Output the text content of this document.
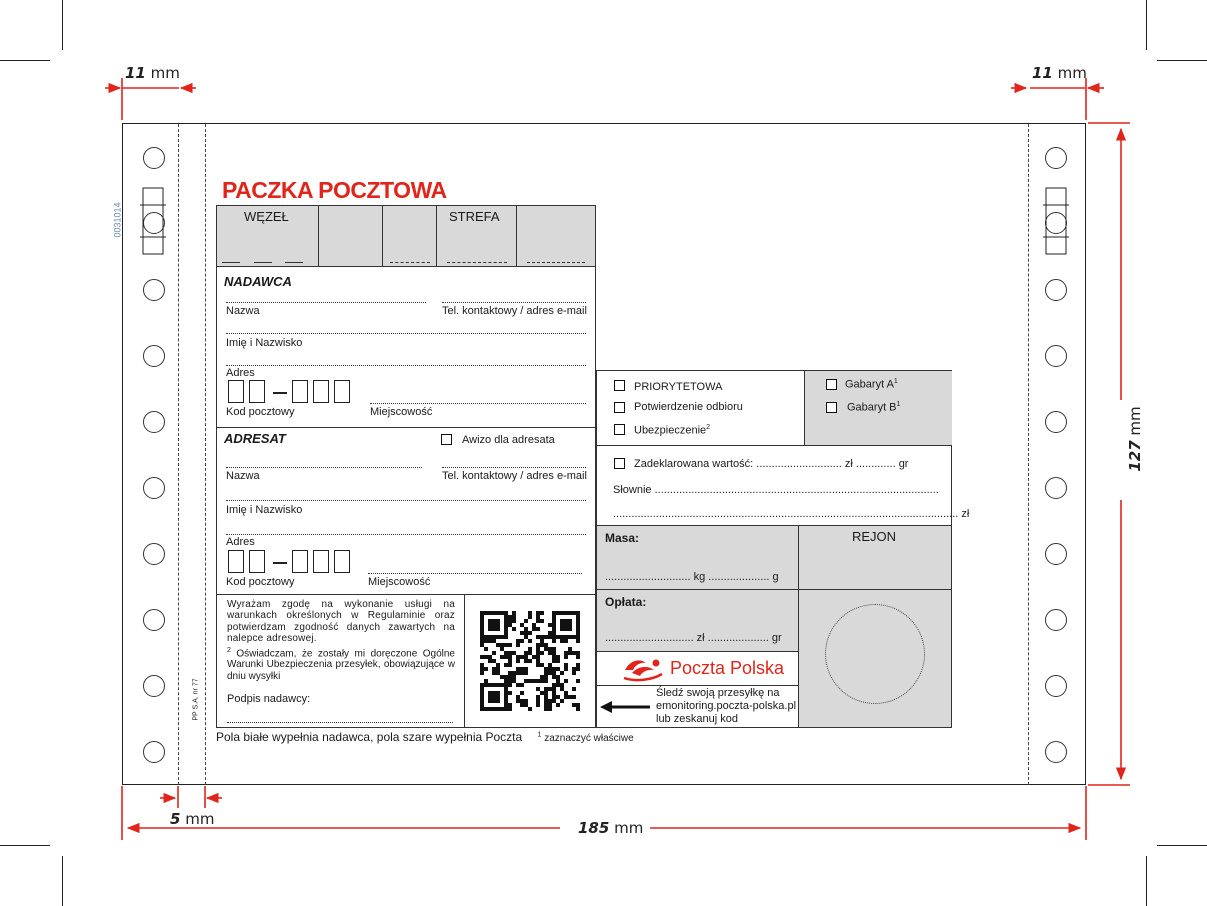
11 mm	11 mm
127 mm
5 mm	185 mm
0031014
PACZKA POCZTOWA
WĘZEŁ	STREFA
NADAWCA
Nazwa	Tel. kontaktowy / adres e-mail
Imię i Nazwisko
Adres
Kod pocztowy	Miejscowość
ADRESAT	Awizo dla adresata
Nazwa	Tel. kontaktowy / adres e-mail
Imię i Nazwisko
Adres
Kod pocztowy	Miejscowość
Wyrażam zgodę na wykonanie usługi na warunkach określonych w Regulaminie oraz potwierdzam zgodność danych zawartych na nalepce adresowej.
$^2$ Oświadczam, że zostały mi doręczone Ogólne Warunki Ubezpieczenia przesyłek, obowiązujące w dniu wysyłki
Podpis nadawcy:
PP S.A. nr 77
Pola białe wypełnia nadawca, pola szare wypełnia Poczta $^1$ zaznaczyć właściwe
PRIORYTETOWA
Potwierdzenie odbioru
Ubezpieczenie$^2$
Gabaryt $A^1$
Gabaryt $B^1$
Zadeklarowana wartość: ............................ zł ............. gr
Słownie .............................................................................................
................................................................................................................. zł
Masa:
............................ kg .................... g
Opłata:
............................. zł .................... gr
REJON
Poczta Polska
Śledź swoją przesyłkę na
emonitoring.poczta-polska.pl
lub zeskanuj kod
